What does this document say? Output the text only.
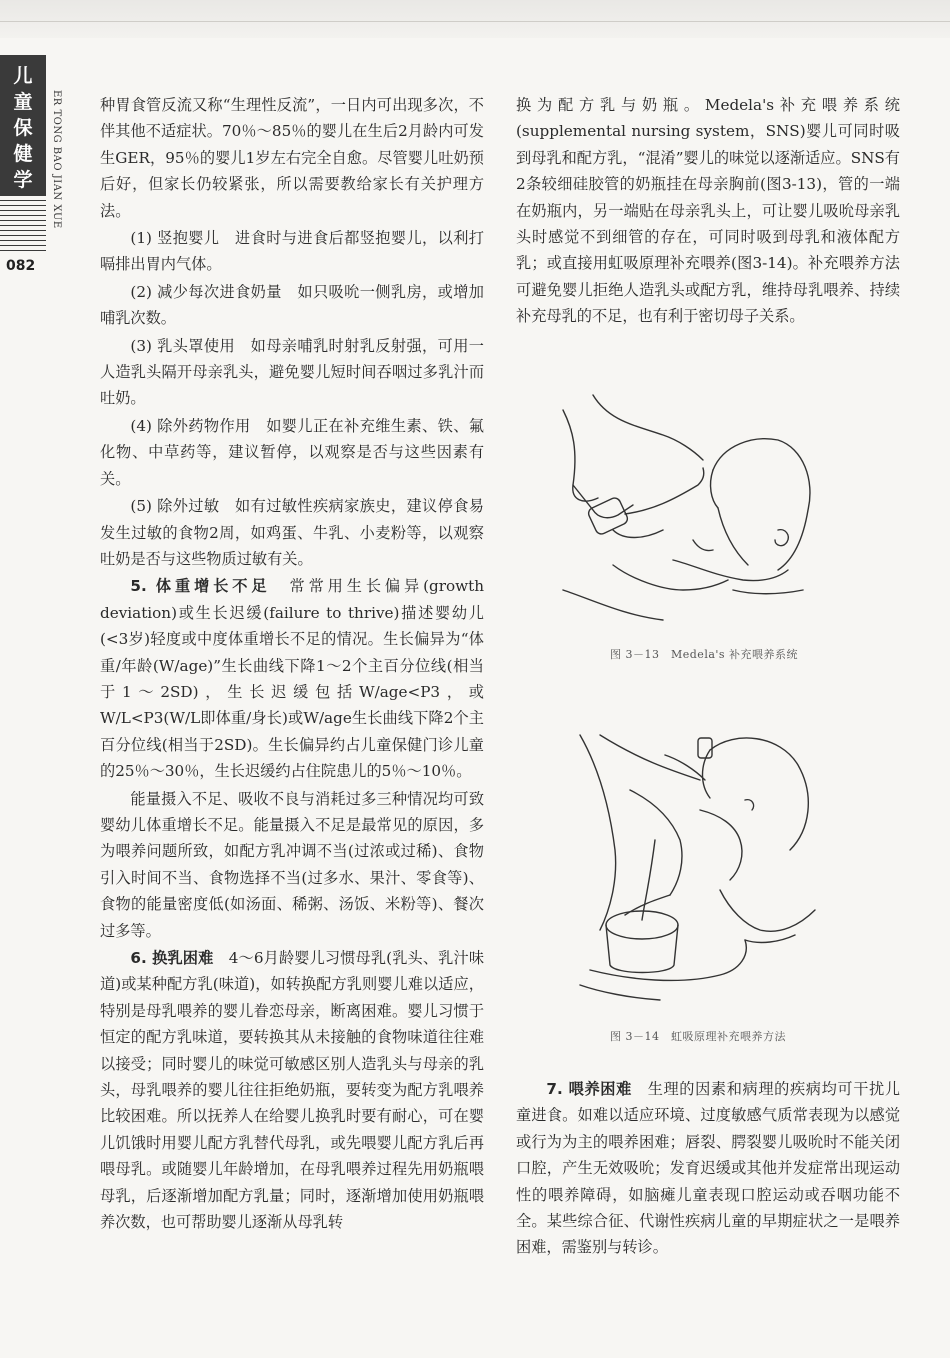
儿
童
保
健
学	ER TONG BAO JIAN XUE
082

种胃食管反流又称“生理性反流”，一日内可出现多次，不伴其他不适症状。70％～85％的婴儿在生后2月龄内可发生GER，95％的婴儿1岁左右完全自愈。尽管婴儿吐奶预后好，但家长仍较紧张，所以需要教给家长有关护理方法。

(1) 竖抱婴儿　进食时与进食后都竖抱婴儿，以利打嗝排出胃内气体。

(2) 减少每次进食奶量　如只吸吮一侧乳房，或增加哺乳次数。

(3) 乳头罩使用　如母亲哺乳时射乳反射强，可用一人造乳头隔开母亲乳头，避免婴儿短时间吞咽过多乳汁而吐奶。

(4) 除外药物作用　如婴儿正在补充维生素、铁、氟化物、中草药等，建议暂停，以观察是否与这些因素有关。

(5) 除外过敏　如有过敏性疾病家族史，建议停食易发生过敏的食物2周，如鸡蛋、牛乳、小麦粉等，以观察吐奶是否与这些物质过敏有关。

5. 体重增长不足　 常常用生长偏异(growth deviation)或生长迟缓(failure to thrive)描述婴幼儿(<3岁)轻度或中度体重增长不足的情况。生长偏异为“体重/年龄(W/age)”生长曲线下降1～2个主百分位线(相当于1～2SD)，生长迟缓包括W/age<P3，或W/L<P3(W/L即体重/身长)或W/age生长曲线下降2个主百分位线(相当于2SD)。生长偏异约占儿童保健门诊儿童的25％～30％，生长迟缓约占住院患儿的5％～10％。

能量摄入不足、吸收不良与消耗过多三种情况均可致婴幼儿体重增长不足。能量摄入不足是最常见的原因，多为喂养问题所致，如配方乳冲调不当(过浓或过稀)、食物引入时间不当、食物选择不当(过多水、果汁、零食等)、食物的能量密度低(如汤面、稀粥、汤饭、米粉等)、餐次过多等。

6. 换乳困难　 4～6月龄婴儿习惯母乳(乳头、乳汁味道)或某种配方乳(味道)，如转换配方乳则婴儿难以适应，特别是母乳喂养的婴儿眷恋母亲，断离困难。婴儿习惯于恒定的配方乳味道，要转换其从未接触的食物味道往往难以接受；同时婴儿的味觉可敏感区别人造乳头与母亲的乳头，母乳喂养的婴儿往往拒绝奶瓶，要转变为配方乳喂养比较困难。所以抚养人在给婴儿换乳时要有耐心，可在婴儿饥饿时用婴儿配方乳替代母乳，或先喂婴儿配方乳后再喂母乳。或随婴儿年龄增加，在母乳喂养过程先用奶瓶喂母乳，后逐渐增加配方乳量；同时，逐渐增加使用奶瓶喂养次数，也可帮助婴儿逐渐从母乳转

换为配方乳与奶瓶。Medela's补充喂养系统(supplemental nursing system，SNS)婴儿可同时吸到母乳和配方乳，“混淆”婴儿的味觉以逐渐适应。SNS有2条较细硅胶管的奶瓶挂在母亲胸前(图3-13)，管的一端在奶瓶内，另一端贴在母亲乳头上，可让婴儿吸吮母亲乳头时感觉不到细管的存在，可同时吸到母乳和液体配方乳；或直接用虹吸原理补充喂养(图3-14)。补充喂养方法可避免婴儿拒绝人造乳头或配方乳，维持母乳喂养、持续补充母乳的不足，也有利于密切母子关系。

图 3－13　Medela's 补充喂养系统
图 3－14　虹吸原理补充喂养方法

7. 喂养困难　 生理的因素和病理的疾病均可干扰儿童进食。如难以适应环境、过度敏感气质常表现为以感觉或行为为主的喂养困难；唇裂、腭裂婴儿吸吮时不能关闭口腔，产生无效吸吮；发育迟缓或其他并发症常出现运动性的喂养障碍，如脑瘫儿童表现口腔运动或吞咽功能不全。某些综合征、代谢性疾病儿童的早期症状之一是喂养困难，需鉴别与转诊。
